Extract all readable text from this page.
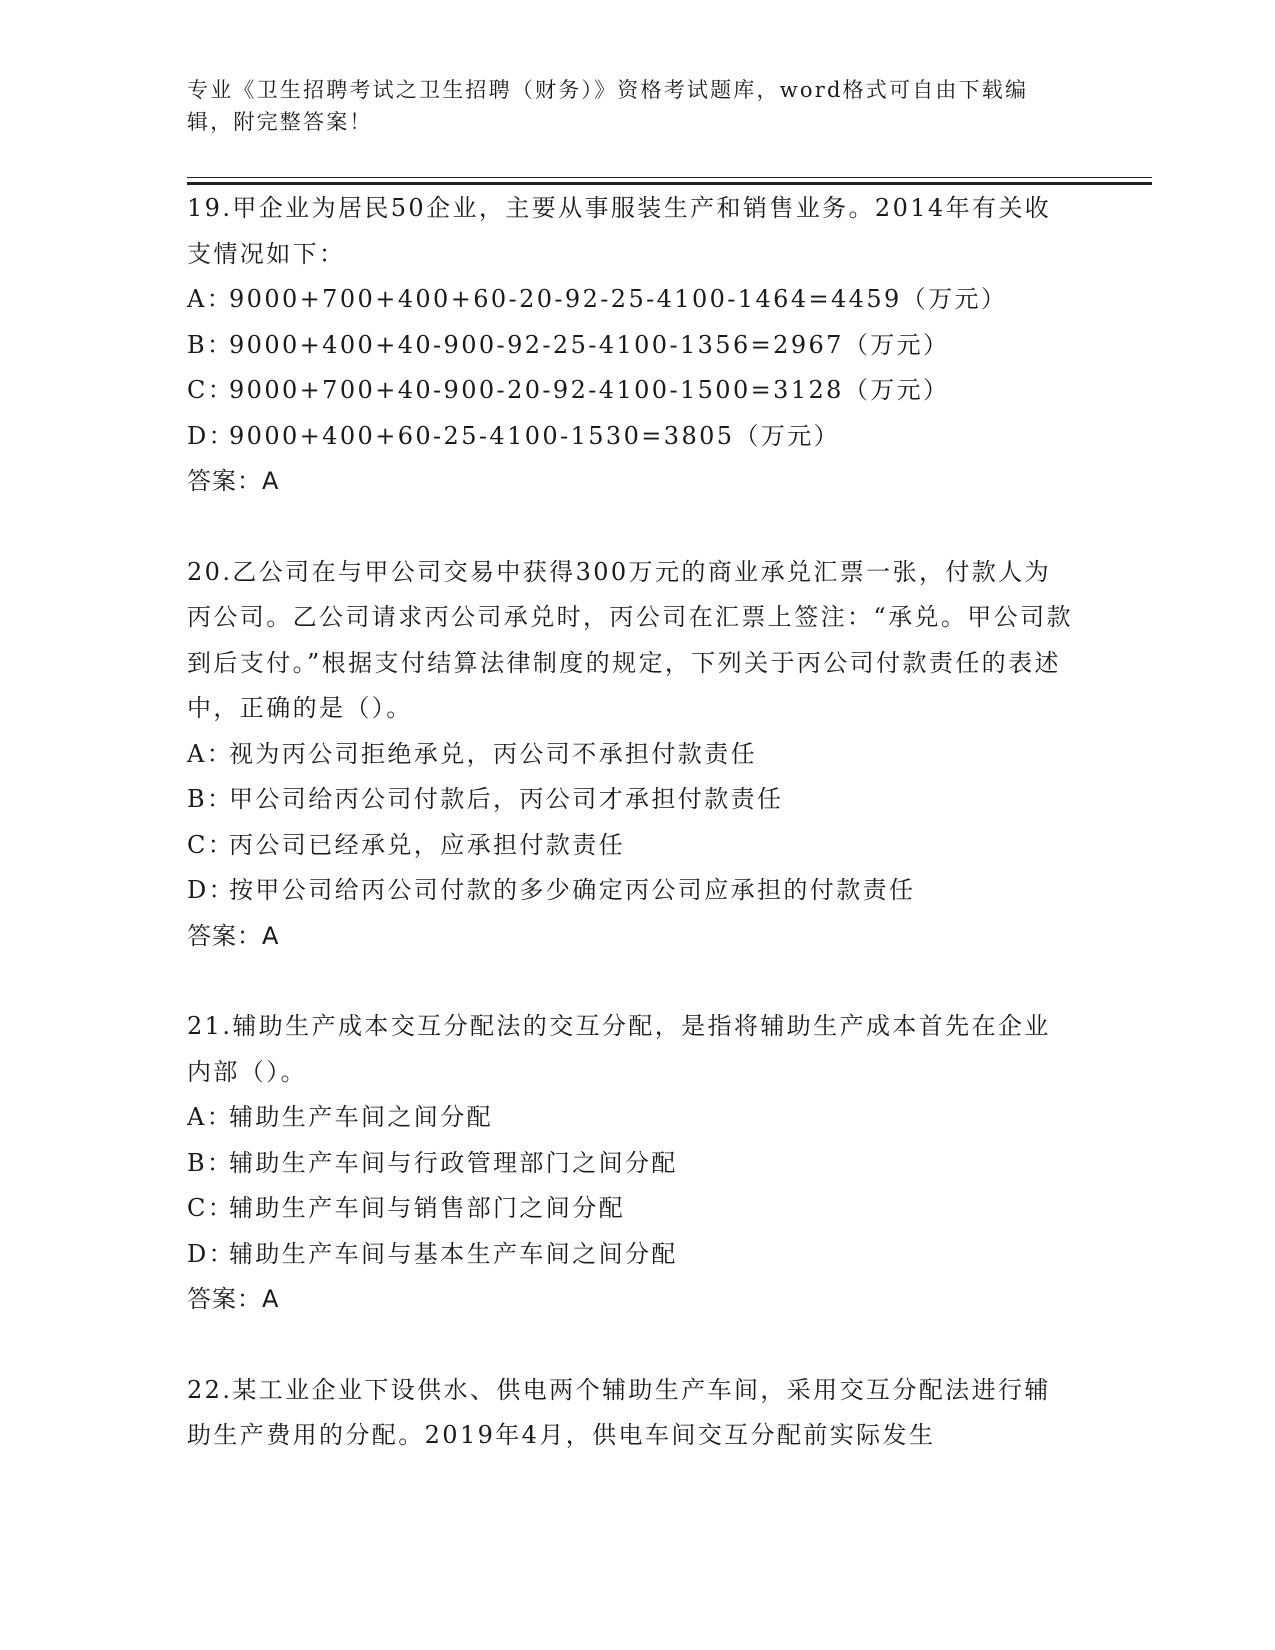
专业《卫生招聘考试之卫生招聘（财务）》资格考试题库，word格式可自由下载编辑，附完整答案！
19.甲企业为居民50企业，主要从事服装生产和销售业务。2014年有关收支情况如下：
A：9000+700+400+60-20-92-25-4100-1464=4459（万元）
B：9000+400+40-900-92-25-4100-1356=2967（万元）
C：9000+700+40-900-20-92-4100-1500=3128（万元）
D：9000+400+60-25-4100-1530=3805（万元）
答案：A
20.乙公司在与甲公司交易中获得300万元的商业承兑汇票一张，付款人为丙公司。乙公司请求丙公司承兑时，丙公司在汇票上签注：“承兑。甲公司款到后支付。”根据支付结算法律制度的规定，下列关于丙公司付款责任的表述中，正确的是（）。
A：视为丙公司拒绝承兑，丙公司不承担付款责任
B：甲公司给丙公司付款后，丙公司才承担付款责任
C：丙公司已经承兑，应承担付款责任
D：按甲公司给丙公司付款的多少确定丙公司应承担的付款责任
答案：A
21.辅助生产成本交互分配法的交互分配，是指将辅助生产成本首先在企业内部（）。
A：辅助生产车间之间分配
B：辅助生产车间与行政管理部门之间分配
C：辅助生产车间与销售部门之间分配
D：辅助生产车间与基本生产车间之间分配
答案：A
22.某工业企业下设供水、供电两个辅助生产车间，采用交互分配法进行辅助生产费用的分配。2019年4月，供电车间交互分配前实际发生
